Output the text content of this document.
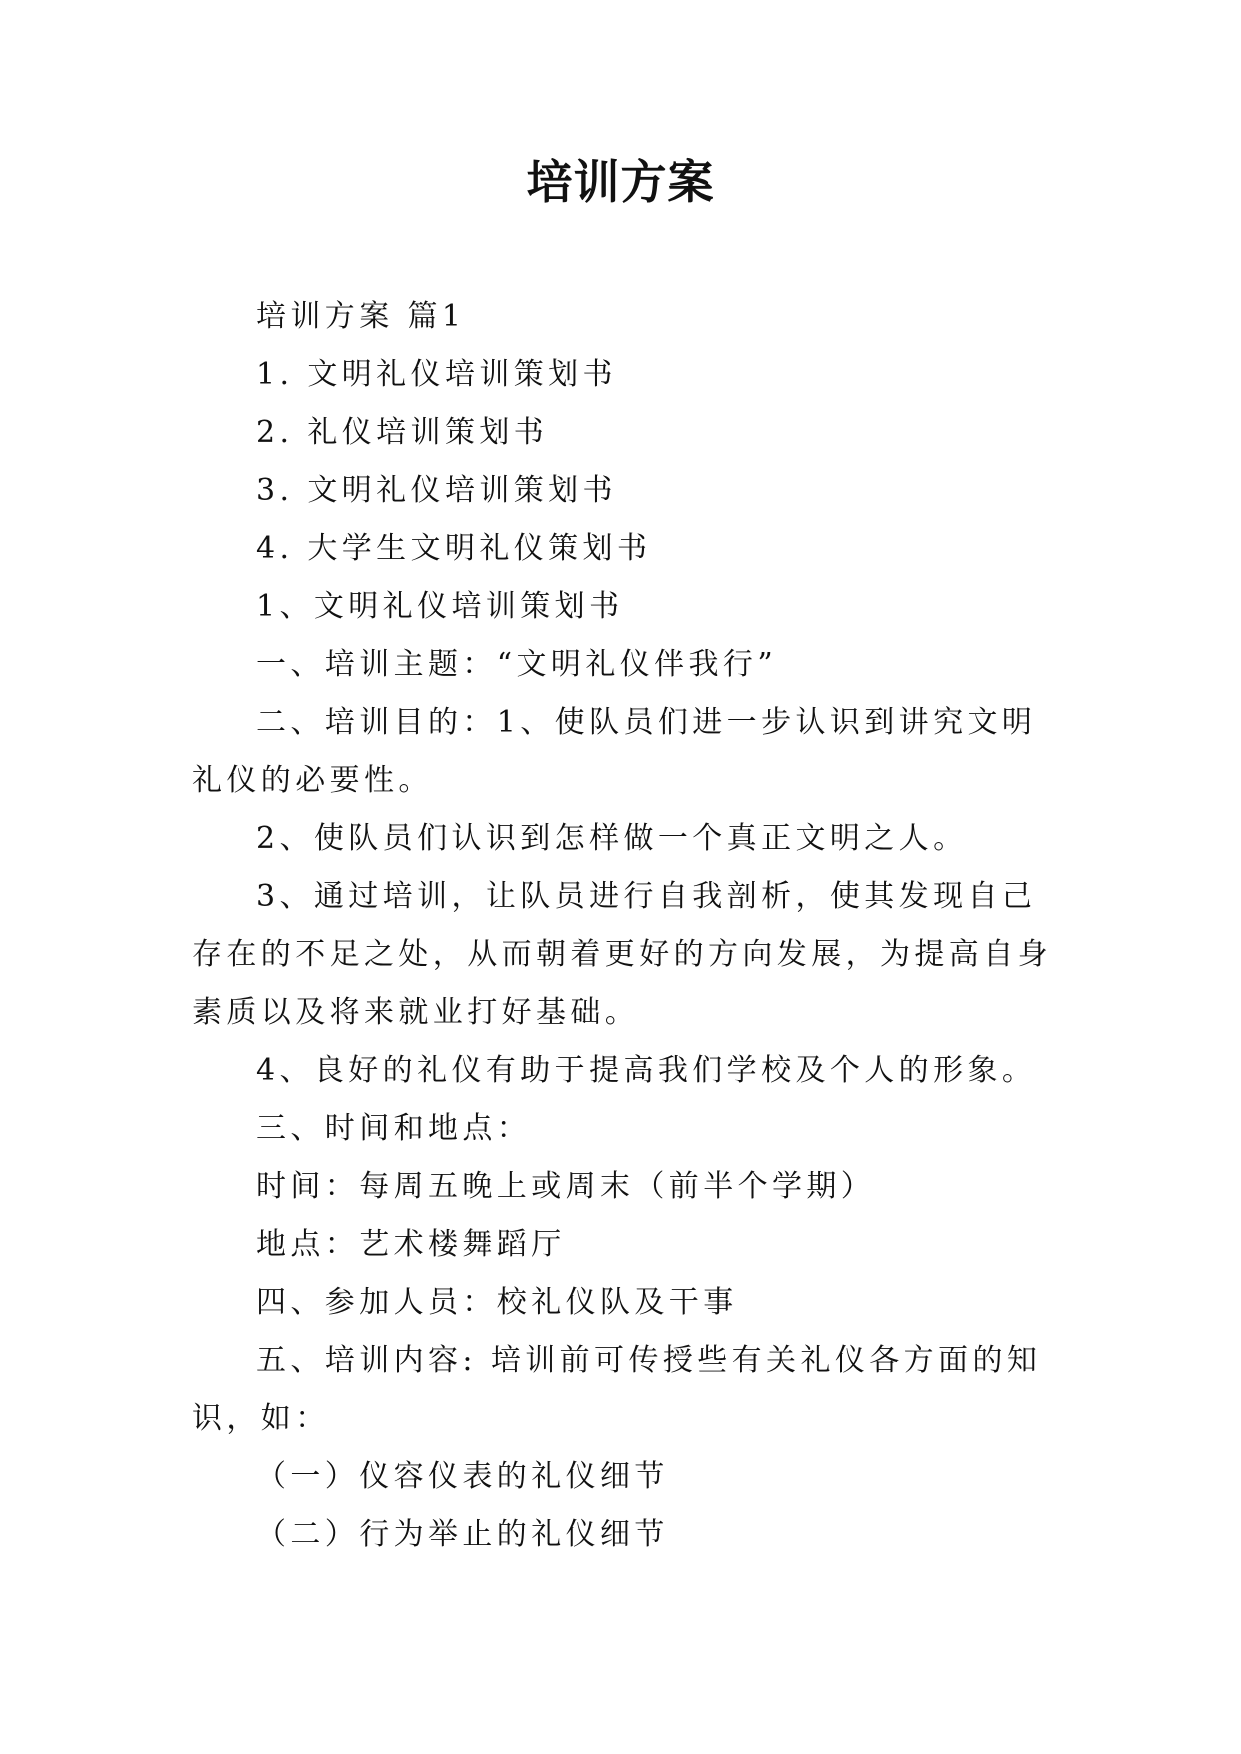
培训方案

培训方案 篇1

1. 文明礼仪培训策划书

2. 礼仪培训策划书

3. 文明礼仪培训策划书

4. 大学生文明礼仪策划书

1、文明礼仪培训策划书

一、培训主题：“文明礼仪伴我行”

二、培训目的：1、使队员们进一步认识到讲究文明礼仪的必要性。

2、使队员们认识到怎样做一个真正文明之人。

3、通过培训，让队员进行自我剖析，使其发现自己存在的不足之处，从而朝着更好的方向发展，为提高自身素质以及将来就业打好基础。

4、良好的礼仪有助于提高我们学校及个人的形象。

三、时间和地点：

时间：每周五晚上或周末（前半个学期）

地点：艺术楼舞蹈厅

四、参加人员：校礼仪队及干事

五、培训内容: 培训前可传授些有关礼仪各方面的知识，如：

（一）仪容仪表的礼仪细节

（二）行为举止的礼仪细节
